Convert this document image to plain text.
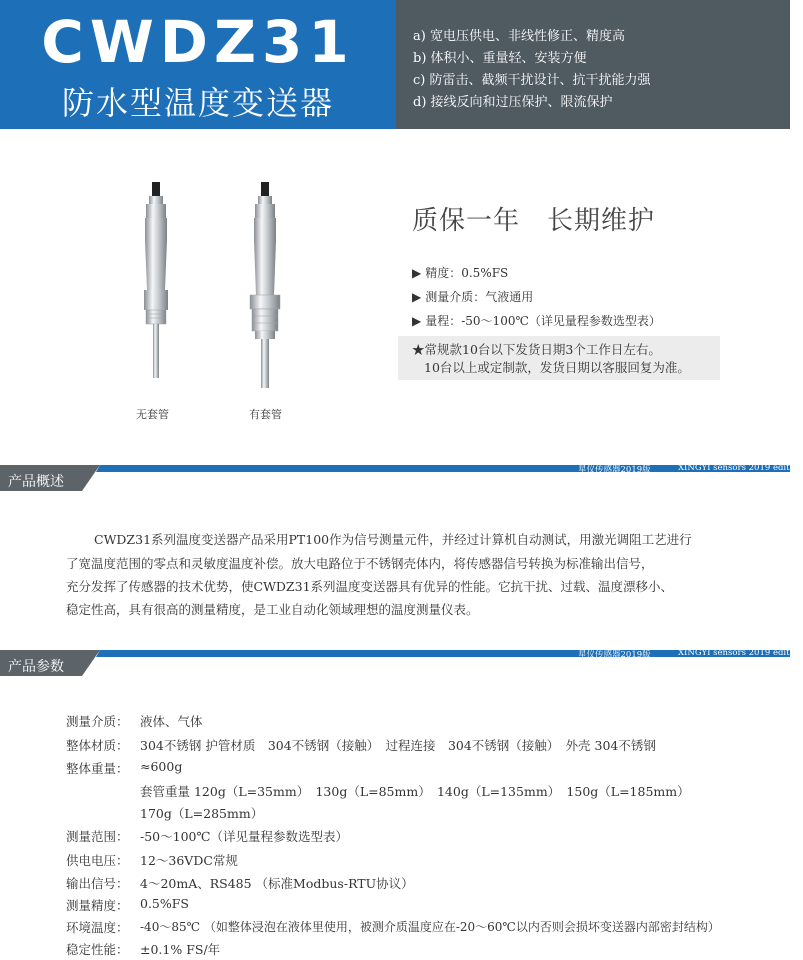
CWDZ31
防水型温度变送器
a) 宽电压供电、非线性修正、精度高
b) 体积小、重量轻、安装方便
c) 防雷击、截频干扰设计、抗干扰能力强
d) 接线反向和过压保护、限流保护
无套管	有套管
质保一年　长期维护
▶ 精度：0.5%FS
▶ 测量介质：气液通用
▶ 量程：-50～100℃（详见量程参数选型表）
★常规款10台以下发货日期3个工作日左右。
10台以上或定制款，发货日期以客服回复为准。
产品概述
星仪传感器2019版	XINGYI sensors 2019 edition
CWDZ31系列温度变送器产品采用PT100作为信号测量元件，并经过计算机自动测试，用激光调阻工艺进行
了宽温度范围的零点和灵敏度温度补偿。放大电路位于不锈钢壳体内，将传感器信号转换为标准输出信号，
充分发挥了传感器的技术优势，使CWDZ31系列温度变送器具有优异的性能。它抗干扰、过载、温度漂移小、
稳定性高，具有很高的测量精度，是工业自动化领域理想的温度测量仪表。
产品参数
星仪传感器2019版	XINGYI sensors 2019 edition
测量介质： 液体、气体
整体材质： 304不锈钢 护管材质　304不锈钢（接触）　过程连接　304不锈钢（接触）　外壳 304不锈钢
整体重量： ≈600g
套管重量 120g（L=35mm）　130g（L=85mm）　140g（L=135mm）　150g（L=185mm）
170g（L=285mm）
测量范围： -50～100℃（详见量程参数选型表）
供电电压： 12～36VDC常规
输出信号： 4～20mA、RS485 （标准Modbus-RTU协议）
测量精度： 0.5%FS
环境温度： -40～85℃ （如整体浸泡在液体里使用，被测介质温度应在-20～60℃以内否则会损坏变送器内部密封结构）
稳定性能： ±0.1% FS/年
